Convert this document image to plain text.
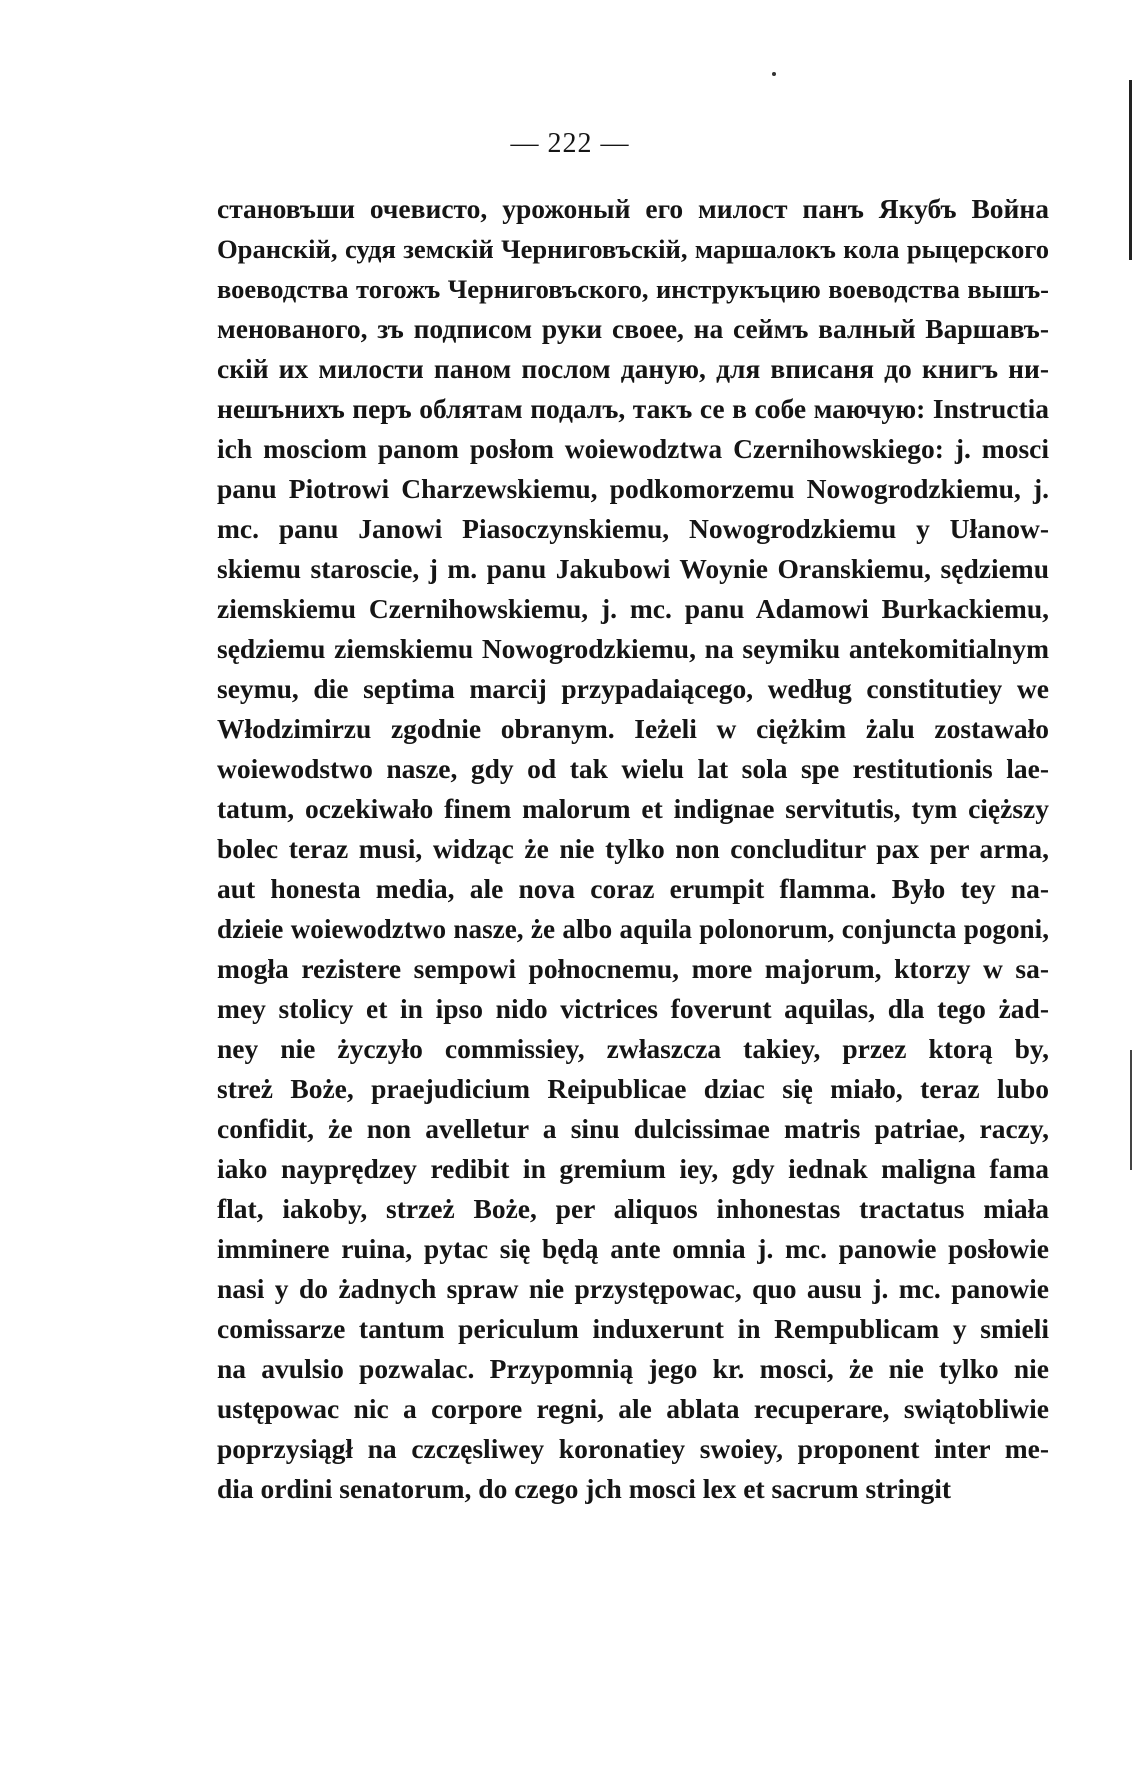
— 222 —
становъши очевисто, урожоный его милост панъ Якубъ Война
Оранскій, судя земскій Черниговъскій, маршалокъ кола рыцерского
воеводства тогожъ Черниговъского, инструкъцию воеводства вышъ-
менованого, зъ подписом руки своее, на сеймъ валный Варшавъ-
скій их милости паном послом даную, для вписаня до книгъ ни-
нешънихъ перъ облятам подалъ, такъ се в собе маючую: Instructia
ich mosciom panom posłom woiewodztwa Czernihowskiego: j. mosci
panu Piotrowi Charzewskiemu, podkomorzemu Nowogrodzkiemu, j.
mc. panu Janowi Piasoczynskiemu, Nowogrodzkiemu y Ułanow-
skiemu staroscie, j m. panu Jakubowi Woynie Oranskiemu, sędziemu
ziemskiemu Czernihowskiemu, j. mc. panu Adamowi Burkackiemu,
sędziemu ziemskiemu Nowogrodzkiemu, na seymiku antekomitialnym
seymu, die septima marcij przypadaiącego, według constitutiey we
Włodzimirzu zgodnie obranym. Ieżeli w ciężkim żalu zostawało
woiewodstwo nasze, gdy od tak wielu lat sola spe restitutionis lae-
tatum, oczekiwało finem malorum et indignae servitutis, tym cięższy
bolec teraz musi, widząc że nie tylko non concluditur pax per arma,
aut honesta media, ale nova coraz erumpit flamma. Było tey na-
dzieie woiewodztwo nasze, że albo aquila polonorum, conjuncta pogoni,
mogła rezistere sempowi połnocnemu, more majorum, ktorzy w sa-
mey stolicy et in ipso nido victrices foverunt aquilas, dla tego żad-
ney nie życzyło commissiey, zwłaszcza takiey, przez ktorą by,
streż Boże, praejudicium Reipublicae dziac się miało, teraz lubo
confidit, że non avelletur a sinu dulcissimae matris patriae, raczy,
iako nayprędzey redibit in gremium iey, gdy iednak maligna fama
flat, iakoby, strzeż Boże, per aliquos inhonestas tractatus miała
imminere ruina, pytac się będą ante omnia j. mc. panowie posłowie
nasi y do żadnych spraw nie przystępowac, quo ausu j. mc. panowie
comissarze tantum periculum induxerunt in Rempublicam y smieli
na avulsio pozwalac. Przypomnią jego kr. mosci, że nie tylko nie
ustępowac nic a corpore regni, ale ablata recuperare, swiątobliwie
poprzysiągł na czczęsliwey koronatiey swoiey, proponent inter me-
dia ordini senatorum, do czego jch mosci lex et sacrum stringit
